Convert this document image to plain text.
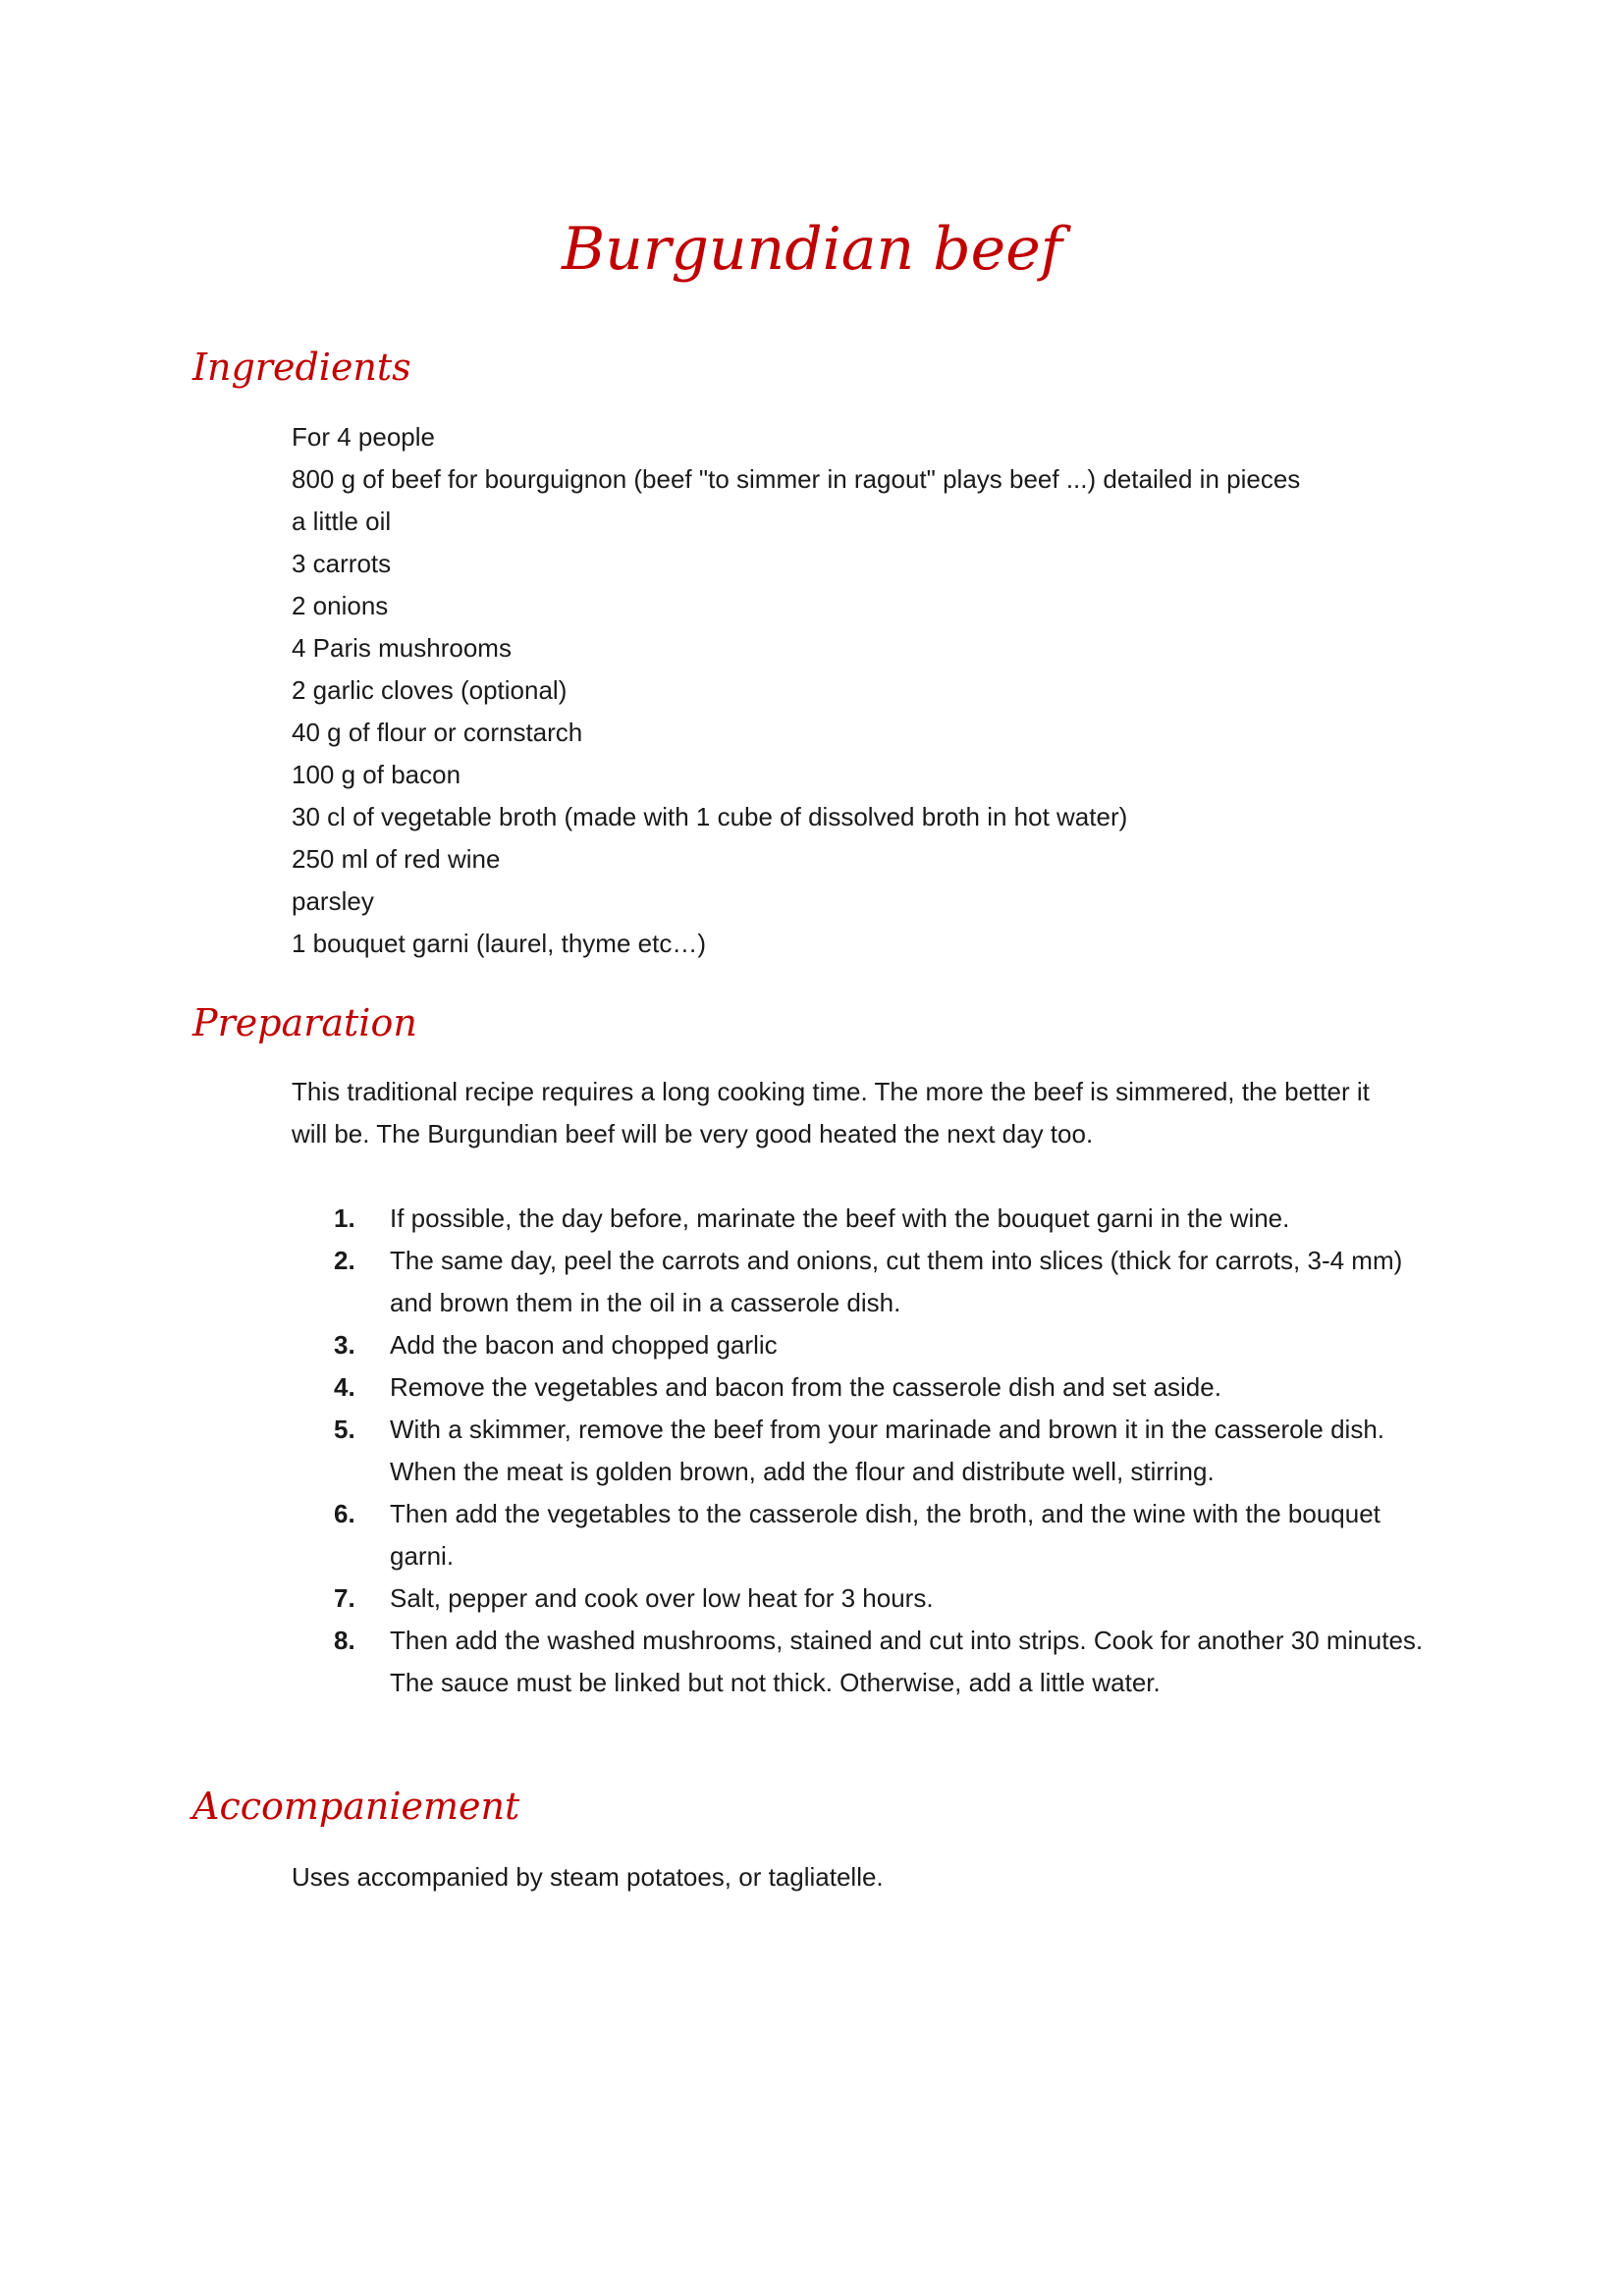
Burgundian beef
Ingredients
For 4 people
800 g of beef for bourguignon (beef "to simmer in ragout" plays beef ...) detailed in pieces
a little oil
3 carrots
2 onions
4 Paris mushrooms
2 garlic cloves (optional)
40 g of flour or cornstarch
100 g of bacon
30 cl of vegetable broth (made with 1 cube of dissolved broth in hot water)
250 ml of red wine
parsley
1 bouquet garni (laurel, thyme etc…)
Preparation

This traditional recipe requires a long cooking time. The more the beef is simmered, the better it will be. The Burgundian beef will be very good heated the next day too.

1. If possible, the day before, marinate the beef with the bouquet garni in the wine.
2. The same day, peel the carrots and onions, cut them into slices (thick for carrots, 3-4 mm) and brown them in the oil in a casserole dish.
3. Add the bacon and chopped garlic
4. Remove the vegetables and bacon from the casserole dish and set aside.
5. With a skimmer, remove the beef from your marinade and brown it in the casserole dish. When the meat is golden brown, add the flour and distribute well, stirring.
6. Then add the vegetables to the casserole dish, the broth, and the wine with the bouquet garni.
7. Salt, pepper and cook over low heat for 3 hours.
8. Then add the washed mushrooms, stained and cut into strips. Cook for another 30 minutes.
The sauce must be linked but not thick. Otherwise, add a little water.
Accompaniement

Uses accompanied by steam potatoes, or tagliatelle.
